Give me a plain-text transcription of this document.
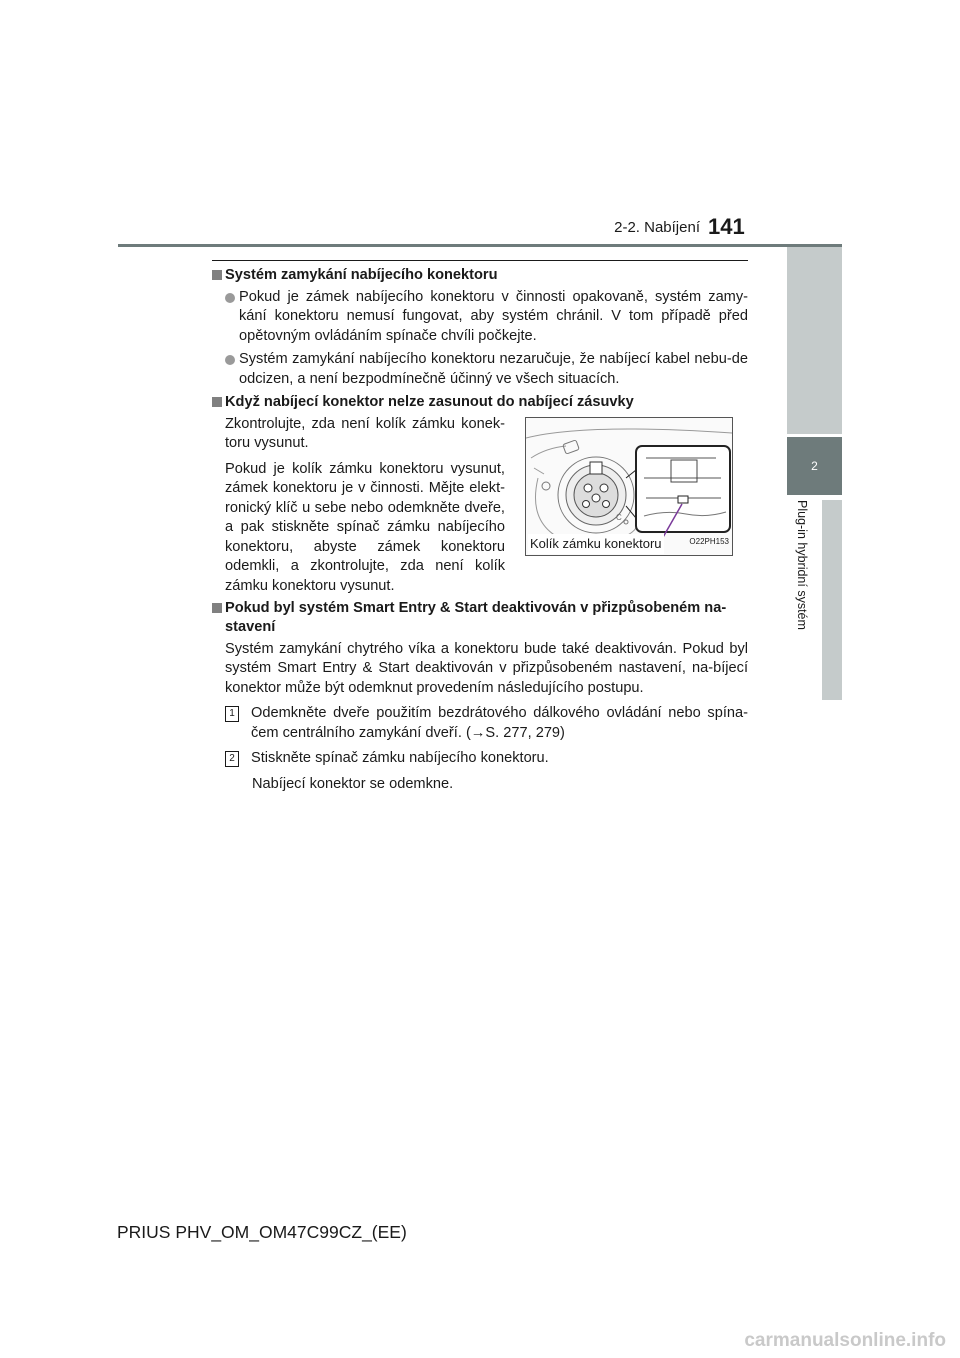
2-2. Nabíjení 141
2
Plug-in hybridní systém
Systém zamykání nabíjecího konektoru
Pokud je zámek nabíjecího konektoru v činnosti opakovaně, systém zamy-kání konektoru nemusí fungovat, aby systém chránil. V tom případě před opětovným ovládáním spínače chvíli počkejte.
Systém zamykání nabíjecího konektoru nezaručuje, že nabíjecí kabel nebu-de odcizen, a není bezpodmínečně účinný ve všech situacích.
Když nabíjecí konektor nelze zasunout do nabíjecí zásuvky

Zkontrolujte, zda není kolík zámku konek-toru vysunut.

Pokud je kolík zámku konektoru vysunut, zámek konektoru je v činnosti. Mějte elekt-ronický klíč u sebe nebo odemkněte dveře, a pak stiskněte spínač zámku nabíjecího konektoru, abyste zámek konektoru odemkli, a zkontrolujte, zda není kolík zámku konektoru vysunut.

C
Kolík zámku konektoru	O22PH153
Pokud byl systém Smart Entry & Start deaktivován v přizpůsobeném na-stavení
Systém zamykání chytrého víka a konektoru bude také deaktivován. Pokud byl systém Smart Entry & Start deaktivován v přizpůsobeném nastavení, na-bíjecí konektor může být odemknut provedením následujícího postupu.
1 Odemkněte dveře použitím bezdrátového dálkového ovládání nebo spína-čem centrálního zamykání dveří. (→S. 277, 279)
2 Stiskněte spínač zámku nabíjecího konektoru.
Nabíjecí konektor se odemkne.
PRIUS PHV_OM_OM47C99CZ_(EE)
carmanualsonline.info
